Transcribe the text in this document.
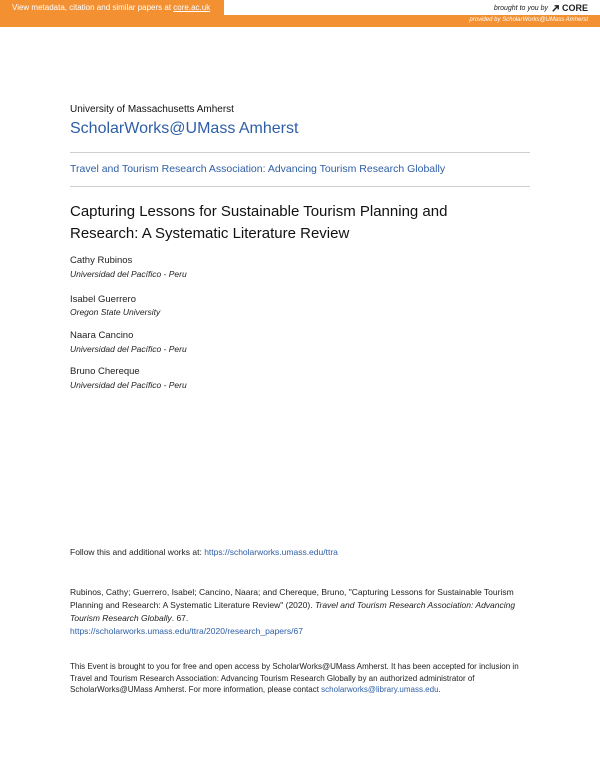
View metadata, citation and similar papers at core.ac.uk	brought to you by CORE
provided by ScholarWorks@UMass Amherst
University of Massachusetts Amherst
ScholarWorks@UMass Amherst
Travel and Tourism Research Association: Advancing Tourism Research Globally
Capturing Lessons for Sustainable Tourism Planning and Research: A Systematic Literature Review
Cathy Rubinos
Universidad del Pacífico - Peru
Isabel Guerrero
Oregon State University
Naara Cancino
Universidad del Pacífico - Peru
Bruno Chereque
Universidad del Pacífico - Peru
Follow this and additional works at: https://scholarworks.umass.edu/ttra
Rubinos, Cathy; Guerrero, Isabel; Cancino, Naara; and Chereque, Bruno, "Capturing Lessons for Sustainable Tourism Planning and Research: A Systematic Literature Review" (2020). Travel and Tourism Research Association: Advancing Tourism Research Globally. 67.
https://scholarworks.umass.edu/ttra/2020/research_papers/67
This Event is brought to you for free and open access by ScholarWorks@UMass Amherst. It has been accepted for inclusion in Travel and Tourism Research Association: Advancing Tourism Research Globally by an authorized administrator of ScholarWorks@UMass Amherst. For more information, please contact scholarworks@library.umass.edu.
